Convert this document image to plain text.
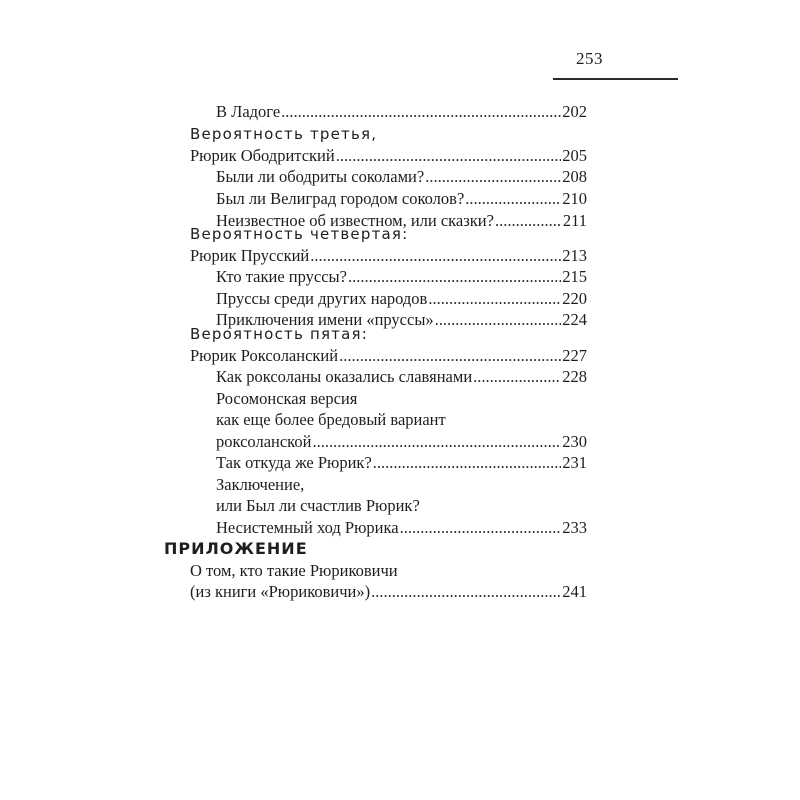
253
В Ладоге .....	202
Вероятность третья,
Рюрик Ободритский .....	205
Были ли ободриты соколами? .....	208
Был ли Велиград городом соколов? .....	210
Неизвестное об известном, или сказки? .....	211
Вероятность четвертая:
Рюрик Прусский .....	213
Кто такие пруссы? .....	215
Пруссы среди других народов .....	220
Приключения имени «пруссы» .....	224
Вероятность пятая:
Рюрик Роксоланский .....	227
Как роксоланы оказались славянами .....	228
Росомонская версия
как еще более бредовый вариант
роксоланской .....	230
Так откуда же Рюрик? .....	231
Заключение,
или Был ли счастлив Рюрик?
Несистемный ход Рюрика .....	233
ПРИЛОЖЕНИЕ
О том, кто такие Рюриковичи
(из книги «Рюриковичи») .....	241
